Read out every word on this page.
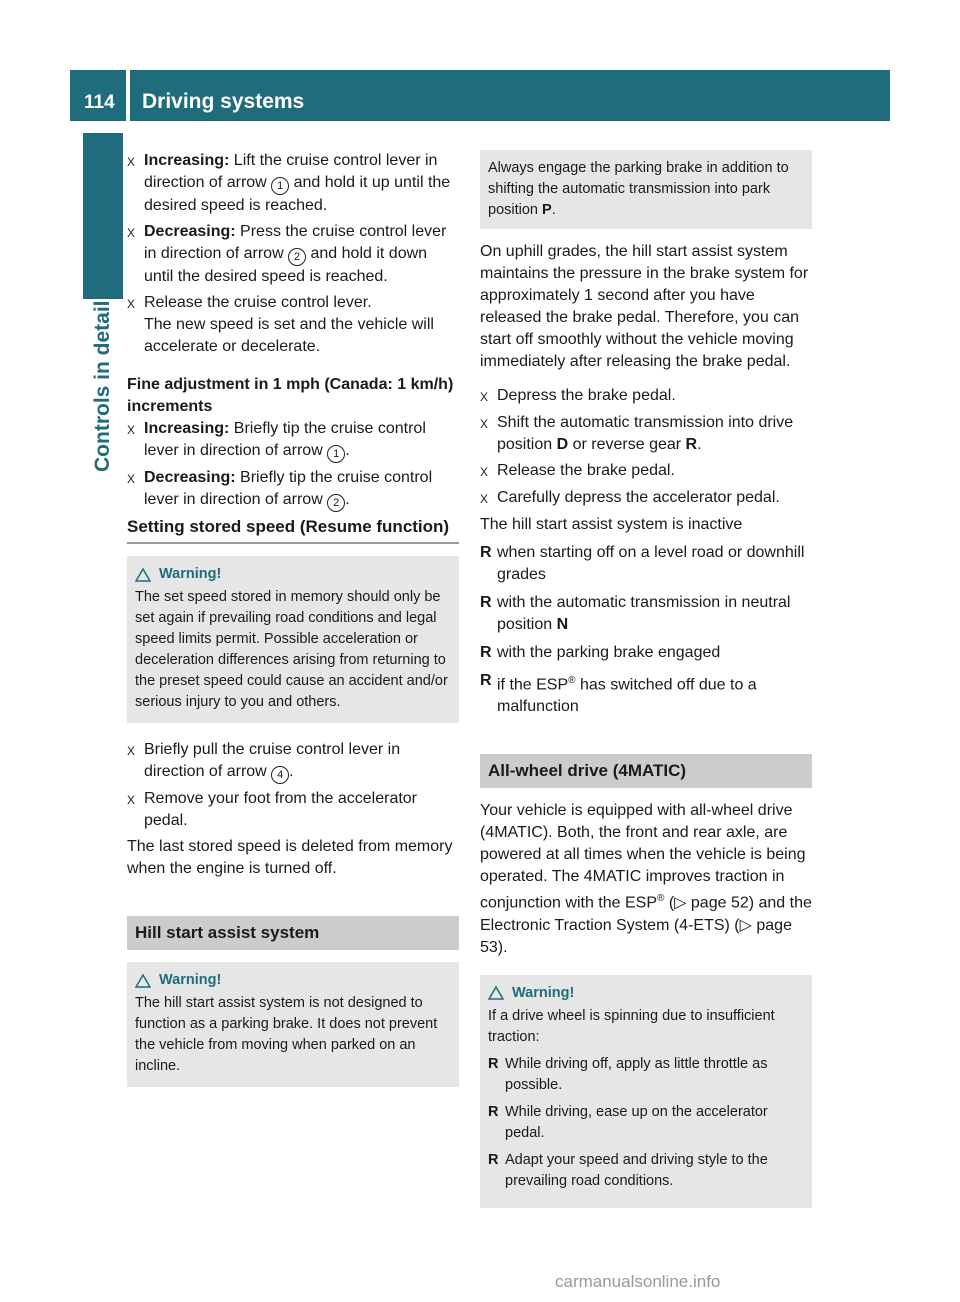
114 Driving systems
Controls in detail
X Increasing: Lift the cruise control lever in direction of arrow 1 and hold it up until the desired speed is reached.
X Decreasing: Press the cruise control lever in direction of arrow 2 and hold it down until the desired speed is reached.
X Release the cruise control lever.
The new speed is set and the vehicle will accelerate or decelerate.

Fine adjustment in 1 mph (Canada: 1 km/h) increments

X Increasing: Briefly tip the cruise control lever in direction of arrow 1 .
X Decreasing: Briefly tip the cruise control lever in direction of arrow 2 .

Setting stored speed (Resume function)

Warning!

The set speed stored in memory should only be set again if prevailing road conditions and legal speed limits permit. Possible acceleration or deceleration differences arising from returning to the preset speed could cause an accident and/or serious injury to you and others.

X Briefly pull the cruise control lever in direction of arrow 4 .
X Remove your foot from the accelerator pedal.

The last stored speed is deleted from memory when the engine is turned off.

Hill start assist system
Warning!

The hill start assist system is not designed to function as a parking brake. It does not prevent the vehicle from moving when parked on an incline.

Always engage the parking brake in addition to shifting the automatic transmission into park position P.

On uphill grades, the hill start assist system maintains the pressure in the brake system for approximately 1 second after you have released the brake pedal. Therefore, you can start off smoothly without the vehicle moving immediately after releasing the brake pedal.

X Depress the brake pedal.
X Shift the automatic transmission into drive position D or reverse gear R.
X Release the brake pedal.
X Carefully depress the accelerator pedal.

The hill start assist system is inactive

R when starting off on a level road or downhill grades
R with the automatic transmission in neutral position N
R with the parking brake engaged
R if the ESP® has switched off due to a malfunction
All-wheel drive (4MATIC)

Your vehicle is equipped with all-wheel drive (4MATIC). Both, the front and rear axle, are powered at all times when the vehicle is being operated. The 4MATIC improves traction in conjunction with the ESP® (▷ page 52) and the Electronic Traction System (4-ETS) (▷ page 53).

Warning!

If a drive wheel is spinning due to insufficient traction:

R While driving off, apply as little throttle as possible.
R While driving, ease up on the accelerator pedal.
R Adapt your speed and driving style to the prevailing road conditions.
carmanualsonline.info
